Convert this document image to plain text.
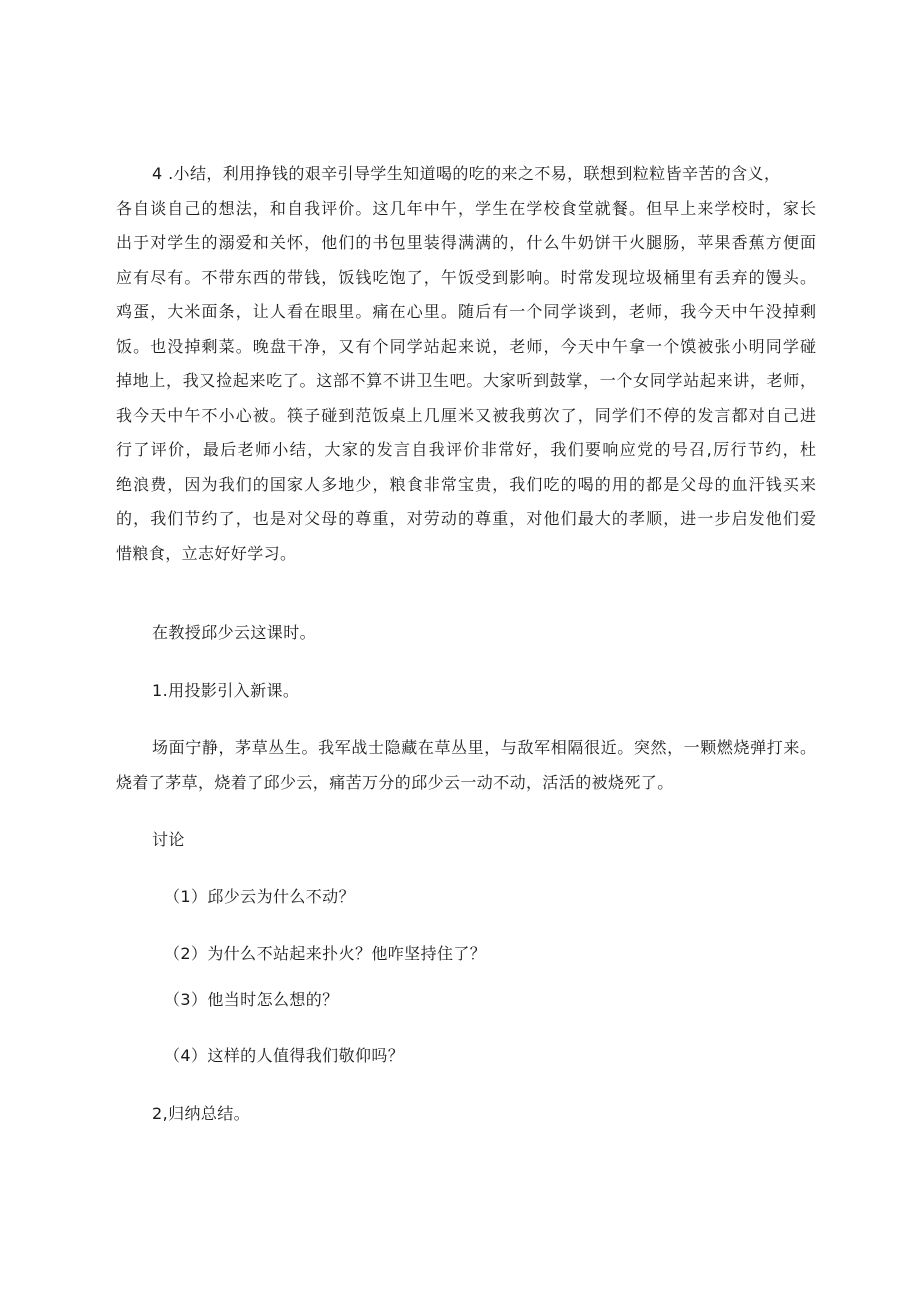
4 .小结，利用挣钱的艰辛引导学生知道喝的吃的来之不易，联想到粒粒皆辛苦的含义，
各自谈自己的想法，和自我评价。这几年中午，学生在学校食堂就餐。但早上来学校时，家长
出于对学生的溺爱和关怀，他们的书包里装得满满的，什么牛奶饼干火腿肠，苹果香蕉方便面
应有尽有。不带东西的带钱，饭钱吃饱了，午饭受到影响。时常发现垃圾桶里有丢弃的馒头。
鸡蛋，大米面条，让人看在眼里。痛在心里。随后有一个同学谈到，老师，我今天中午没掉剩
饭。也没掉剩菜。晚盘干净，又有个同学站起来说，老师，今天中午拿一个馍被张小明同学碰
掉地上，我又捡起来吃了。这部不算不讲卫生吧。大家听到鼓掌，一个女同学站起来讲，老师，
我今天中午不小心被。筷子碰到范饭桌上几厘米又被我剪次了，同学们不停的发言都对自己进
行了评价，最后老师小结，大家的发言自我评价非常好，我们要响应党的号召,厉行节约，杜
绝浪费，因为我们的国家人多地少，粮食非常宝贵，我们吃的喝的用的都是父母的血汗钱买来
的，我们节约了，也是对父母的尊重，对劳动的尊重，对他们最大的孝顺，进一步启发他们爱
惜粮食，立志好好学习。
在教授邱少云这课时。
1.用投影引入新课。
场面宁静，茅草丛生。我军战士隐藏在草丛里，与敌军相隔很近。突然，一颗燃烧弹打来。
烧着了茅草，烧着了邱少云，痛苦万分的邱少云一动不动，活活的被烧死了。
讨论
（1）邱少云为什么不动？
（2）为什么不站起来扑火？他咋坚持住了？
（3）他当时怎么想的？
（4）这样的人值得我们敬仰吗？
2,归纳总结。
